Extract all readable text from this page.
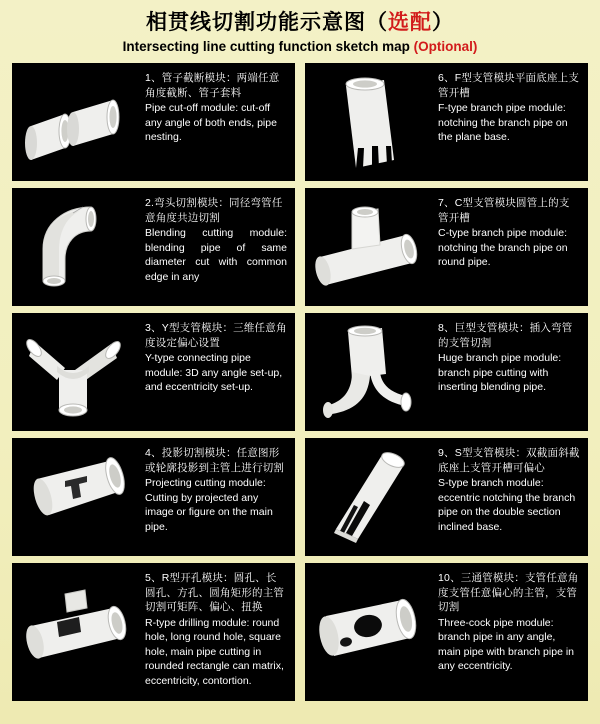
相贯线切割功能示意图（选配）
Intersecting line cutting function sketch map (Optional)
1、管子截断模块：两端任意角度截断、管子套料
Pipe cut-off module: cut-off any angle of both ends, pipe nesting.
2.弯头切割模块：同径弯管任意角度共边切割
Blending cutting module: blending pipe of same diameter cut with common edge in any
3、Y型支管模块：三维任意角度设定偏心设置
Y-type connecting pipe module: 3D any angle set-up, and eccentricity set-up.
4、投影切割模块：任意图形或轮廓投影到主管上进行切割
Projecting cutting module: Cutting by projected any image or figure on the main pipe.
5、R型开孔模块：圆孔、长圆孔、方孔、圆角矩形的主管切割可矩阵、偏心、扭换
R-type drilling module: round hole, long round hole, square hole, main pipe cutting in rounded rectangle can matrix, eccentricity, contortion.
6、F型支管模块平面底座上支管开槽
F-type branch pipe module: notching the branch pipe on the plane base.
7、C型支管模块圆管上的支管开槽
C-type branch pipe module: notching the branch pipe on round pipe.
8、巨型支管模块：插入弯管的支管切割
Huge branch pipe module: branch pipe cutting with inserting blending pipe.
9、S型支管模块：双截面斜截底座上支管开槽可偏心
S-type branch module: eccentric notching the branch pipe on the double section inclined base.
10、三通管模块：支管任意角度支管任意偏心的主管，支管切割
Three-cock pipe module: branch pipe in any angle, main pipe with branch pipe in any eccentricity.
